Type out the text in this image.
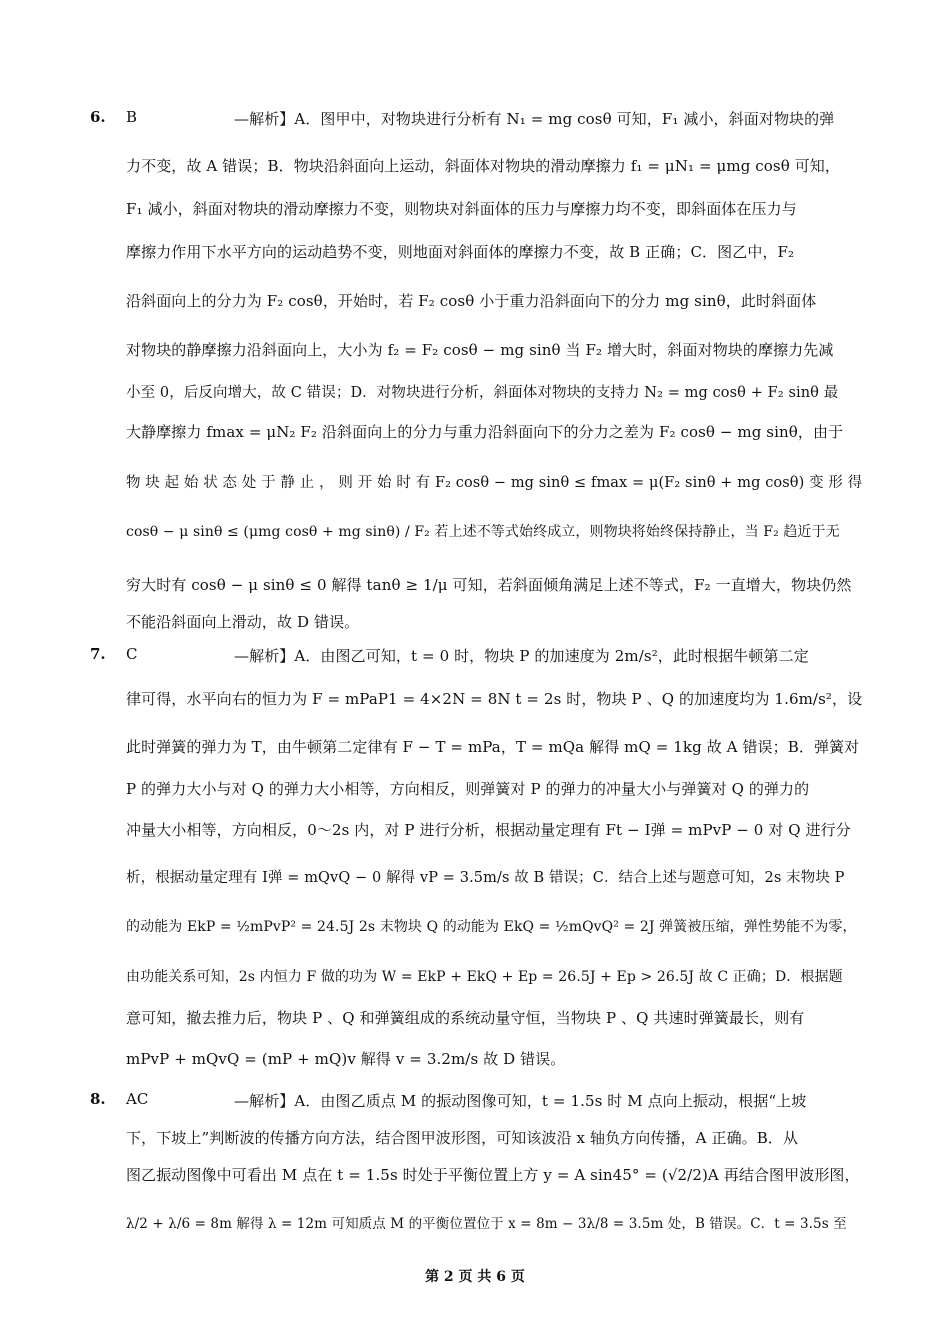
6. B	—解析】A．图甲中，对物块进行分析有 N₁ = mg cosθ 可知，F₁ 减小，斜面对物块的弹
力不变，故 A 错误；B．物块沿斜面向上运动，斜面体对物块的滑动摩擦力 f₁ = μN₁ = μmg cosθ 可知，
F₁ 减小，斜面对物块的滑动摩擦力不变，则物块对斜面体的压力与摩擦力均不变，即斜面体在压力与
摩擦力作用下水平方向的运动趋势不变，则地面对斜面体的摩擦力不变，故 B 正确；C．图乙中，F₂
沿斜面向上的分力为 F₂ cosθ，开始时，若 F₂ cosθ 小于重力沿斜面向下的分力 mg sinθ，此时斜面体
对物块的静摩擦力沿斜面向上，大小为 f₂ = F₂ cosθ − mg sinθ 当 F₂ 增大时，斜面对物块的摩擦力先减
小至 0，后反向增大，故 C 错误；D．对物块进行分析，斜面体对物块的支持力 N₂ = mg cosθ + F₂ sinθ 最
大静摩擦力 fmax = μN₂ F₂ 沿斜面向上的分力与重力沿斜面向下的分力之差为 F₂ cosθ − mg sinθ，由于
物 块 起 始 状 态 处 于 静 止 ， 则 开 始 时 有 F₂ cosθ − mg sinθ ≤ fmax = μ(F₂ sinθ + mg cosθ) 变 形 得
cosθ − μ sinθ ≤ (μmg cosθ + mg sinθ) / F₂ 若上述不等式始终成立，则物块将始终保持静止，当 F₂ 趋近于无
穷大时有 cosθ − μ sinθ ≤ 0 解得 tanθ ≥ 1/μ 可知，若斜面倾角满足上述不等式，F₂ 一直增大，物块仍然
不能沿斜面向上滑动，故 D 错误。
7. C	—解析】A．由图乙可知，t = 0 时，物块 P 的加速度为 2m/s²，此时根据牛顿第二定
律可得，水平向右的恒力为 F = mPaP1 = 4×2N = 8N t = 2s 时，物块 P 、Q 的加速度均为 1.6m/s²，设
此时弹簧的弹力为 T，由牛顿第二定律有 F − T = mPa，T = mQa 解得 mQ = 1kg 故 A 错误；B．弹簧对
P 的弹力大小与对 Q 的弹力大小相等，方向相反，则弹簧对 P 的弹力的冲量大小与弹簧对 Q 的弹力的
冲量大小相等，方向相反，0～2s 内，对 P 进行分析，根据动量定理有 Ft − I弹 = mPvP − 0 对 Q 进行分
析，根据动量定理有 I弹 = mQvQ − 0 解得 vP = 3.5m/s 故 B 错误；C．结合上述与题意可知，2s 末物块 P
的动能为 EkP = ½mPvP² = 24.5J 2s 末物块 Q 的动能为 EkQ = ½mQvQ² = 2J 弹簧被压缩，弹性势能不为零，
由功能关系可知，2s 内恒力 F 做的功为 W = EkP + EkQ + Ep = 26.5J + Ep > 26.5J 故 C 正确；D．根据题
意可知，撤去推力后，物块 P 、Q 和弹簧组成的系统动量守恒，当物块 P 、Q 共速时弹簧最长，则有
mPvP + mQvQ = (mP + mQ)v 解得 v = 3.2m/s 故 D 错误。
8. AC	—解析】A．由图乙质点 M 的振动图像可知，t = 1.5s 时 M 点向上振动，根据“上坡
下，下坡上”判断波的传播方向方法，结合图甲波形图，可知该波沿 x 轴负方向传播，A 正确。B．从
图乙振动图像中可看出 M 点在 t = 1.5s 时处于平衡位置上方 y = A sin45° = (√2/2)A 再结合图甲波形图，
λ/2 + λ/6 = 8m 解得 λ = 12m 可知质点 M 的平衡位置位于 x = 8m − 3λ/8 = 3.5m 处，B 错误。C．t = 3.5s 至
第 2 页 共 6 页
